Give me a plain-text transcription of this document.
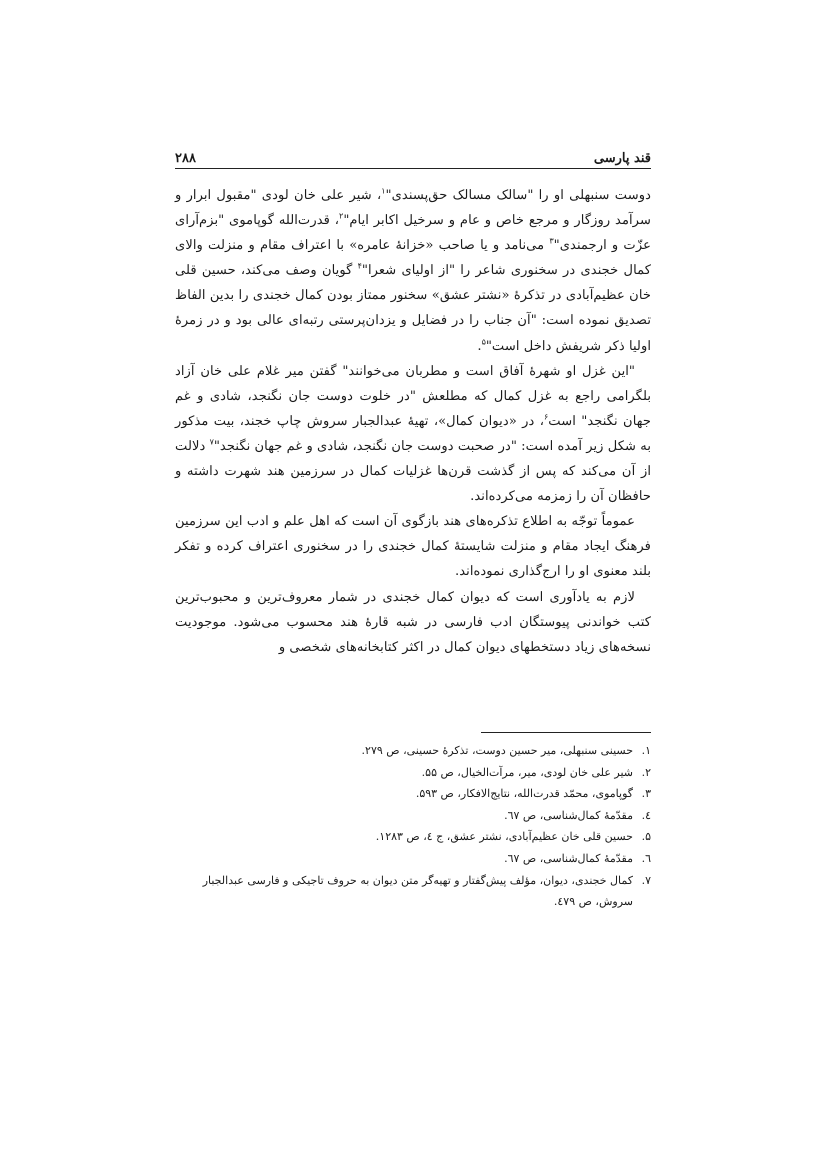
قند پارسی
۲۸۸

دوست سنبهلی او را "سالک مسالک حق‌پسندی"$^۱$، شیر علی خان لودی "مقبول ابرار و سرآمد روزگار و مرجع خاص و عام و سرخیل اکابر ایام"$^۲$، قدرت‌الله گوپاموی "بزم‌آرای عزّت و ارجمندی"$^۳$ می‌نامد و یا صاحب «خزانهٔ عامره» با اعتراف مقام و منزلت والای کمال خجندی در سخنوری شاعر را "از اولیای شعرا"$^۴$ گویان وصف می‌کند، حسین قلی خان عظیم‌آبادی در تذکرهٔ «نشتر عشق» سخنور ممتاز بودن کمال خجندی را بدین الفاظ تصدیق نموده است: "آن جناب را در فضایل و یزدان‌پرستی رتبه‌ای عالی بود و در زمرهٔ اولیا ذکر شریفش داخل است"$^۵$.

"این غزل او شهرهٔ آفاق است و مطربان می‌خوانند" گفتن میر غلام علی خان آزاد بلگرامی راجع به غزل کمال که مطلعش "در خلوت دوست جان نگنجد، شادی و غم جهان نگنجد" است$^۶$، در «دیوان کمال»، تهیهٔ عبدالجبار سروش چاپ خجند، بیت مذکور به شکل زیر آمده است: "در صحبت دوست جان نگنجد، شادی و غم جهان نگنجد"$^۷$ دلالت از آن می‌کند که پس از گذشت قرن‌ها غزلیات کمال در سرزمین هند شهرت داشته و حافظان آن را زمزمه می‌کرده‌اند.

عموماً توجّه به اطلاع تذکره‌های هند بازگوی آن است که اهل علم و ادب این سرزمین فرهنگ ایجاد مقام و منزلت شایستهٔ کمال خجندی را در سخنوری اعتراف کرده و تفکر بلند معنوی او را ارج‌گذاری نموده‌اند.

لازم به یادآوری است که دیوان کمال خجندی در شمار معروف‌ترین و محبوب‌ترین کتب خواندنی پیوستگان ادب فارسی در شبه قارهٔ هند محسوب می‌شود. موجودیت نسخه‌های زیاد دستخطهای دیوان کمال در اکثر کتابخانه‌های شخصی و

۱.
حسینی سنبهلی، میر حسین دوست، تذکرهٔ حسینی، ص ۲۷۹.
۲.
شیر علی خان لودی، میر، مرآت‌الخیال، ص ۵۵.
۳.
گوپاموی، محمّد قدرت‌الله، نتایج‌الافکار، ص ۵۹۳.
٤.
مقدّمهٔ کمال‌شناسی، ص ٦٧.
۵.
حسین قلی خان عظیم‌آبادی، نشتر عشق، ج ٤، ص ۱۲۸۳.
٦.
مقدّمهٔ کمال‌شناسی، ص ٦٧.
۷.
کمال خجندی، دیوان، مؤلف پیش‌گفتار و تهیه‌گر متن دیوان به حروف تاجیکی و فارسی عبدالجبار سروش، ص ٤٧٩.
